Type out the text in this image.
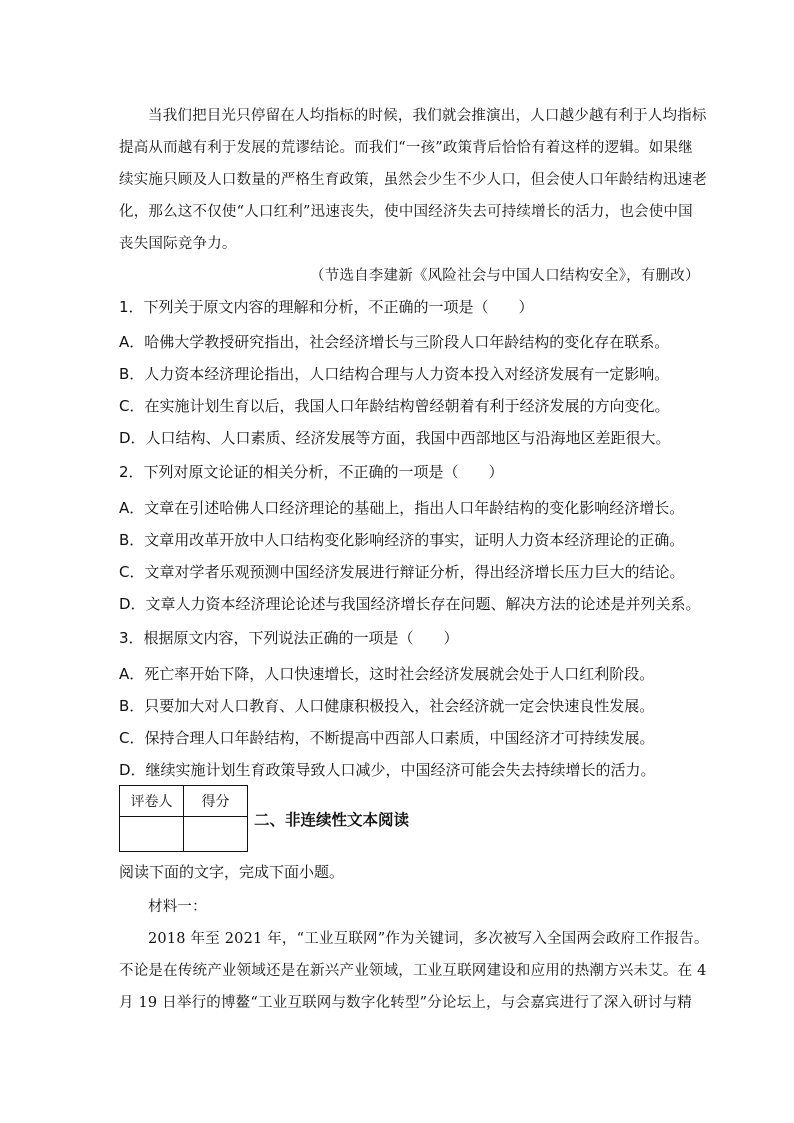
当我们把目光只停留在人均指标的时候，我们就会推演出，人口越少越有利于人均指标
提高从而越有利于发展的荒谬结论。而我们“一孩”政策背后恰恰有着这样的逻辑。如果继
续实施只顾及人口数量的严格生育政策，虽然会少生不少人口，但会使人口年龄结构迅速老
化，那么这不仅使“人口红利”迅速丧失，使中国经济失去可持续增长的活力，也会使中国
丧失国际竞争力。
（节选自李建新《风险社会与中国人口结构安全》，有删改）
1．下列关于原文内容的理解和分析，不正确的一项是（　　）
A．哈佛大学教授研究指出，社会经济增长与三阶段人口年龄结构的变化存在联系。
B．人力资本经济理论指出，人口结构合理与人力资本投入对经济发展有一定影响。
C．在实施计划生育以后，我国人口年龄结构曾经朝着有利于经济发展的方向变化。
D．人口结构、人口素质、经济发展等方面，我国中西部地区与沿海地区差距很大。
2．下列对原文论证的相关分析，不正确的一项是（　　）
A．文章在引述哈佛人口经济理论的基础上，指出人口年龄结构的变化影响经济增长。
B．文章用改革开放中人口结构变化影响经济的事实，证明人力资本经济理论的正确。
C．文章对学者乐观预测中国经济发展进行辩证分析，得出经济增长压力巨大的结论。
D．文章人力资本经济理论论述与我国经济增长存在问题、解决方法的论述是并列关系。
3．根据原文内容，下列说法正确的一项是（　　）
A．死亡率开始下降，人口快速增长，这时社会经济发展就会处于人口红利阶段。
B．只要加大对人口教育、人口健康积极投入，社会经济就一定会快速良性发展。
C．保持合理人口年龄结构，不断提高中西部人口素质，中国经济才可持续发展。
D．继续实施计划生育政策导致人口减少，中国经济可能会失去持续增长的活力。
评卷人	得分

二、非连续性文本阅读
阅读下面的文字，完成下面小题。
材料一：
2018 年至 2021 年，“工业互联网”作为关键词，多次被写入全国两会政府工作报告。
不论是在传统产业领域还是在新兴产业领域，工业互联网建设和应用的热潮方兴未艾。在 4
月 19 日举行的博鳌“工业互联网与数字化转型”分论坛上，与会嘉宾进行了深入研讨与精
